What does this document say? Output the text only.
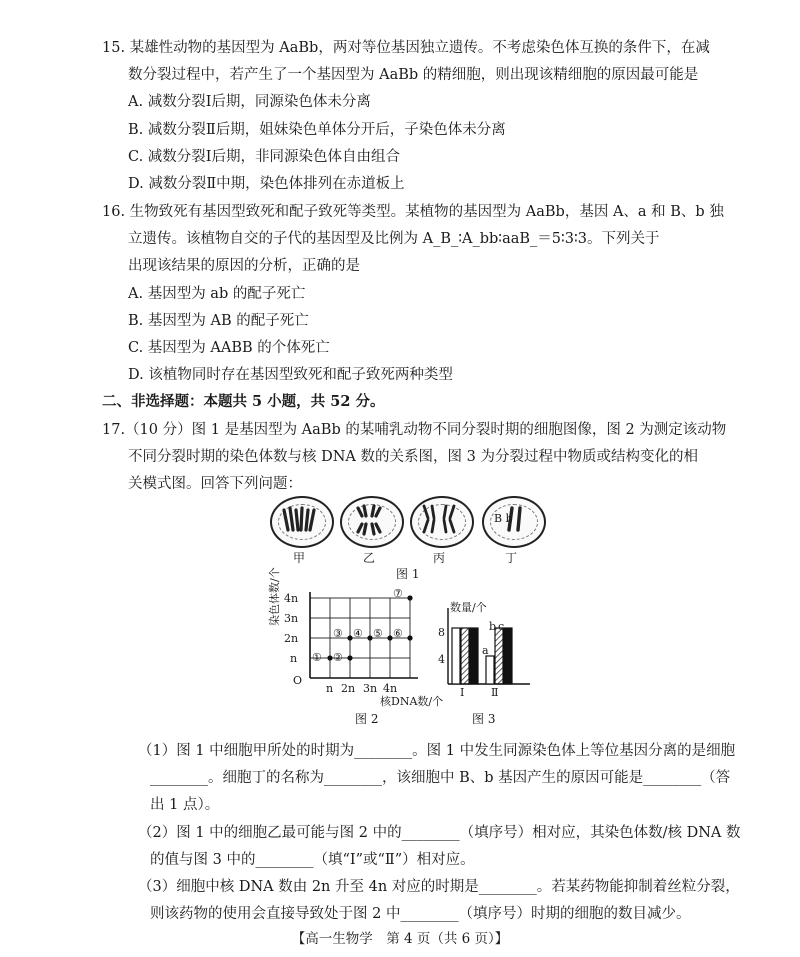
15. 某雄性动物的基因型为 AaBb，两对等位基因独立遗传。不考虑染色体互换的条件下，在减
数分裂过程中，若产生了一个基因型为 AaBb 的精细胞，则出现该精细胞的原因最可能是
A. 减数分裂Ⅰ后期，同源染色体未分离
B. 减数分裂Ⅱ后期，姐妹染色单体分开后，子染色体未分离
C. 减数分裂Ⅰ后期，非同源染色体自由组合
D. 减数分裂Ⅱ中期，染色体排列在赤道板上
16. 生物致死有基因型致死和配子致死等类型。某植物的基因型为 AaBb，基因 A、a 和 B、b 独
立遗传。该植物自交的子代的基因型及比例为 A_B_∶A_bb∶aaB_＝5∶3∶3。下列关于
出现该结果的原因的分析，正确的是
A. 基因型为 ab 的配子死亡
B. 基因型为 AB 的配子死亡
C. 基因型为 AABB 的个体死亡
D. 该植物同时存在基因型致死和配子致死两种类型
二、非选择题：本题共 5 小题，共 52 分。
17.（10 分）图 1 是基因型为 AaBb 的某哺乳动物不同分裂时期的细胞图像，图 2 为测定该动物
不同分裂时期的染色体数与核 DNA 数的关系图，图 3 为分裂过程中物质或结构变化的相
关模式图。回答下列问题：
B b
甲	乙	丙	丁
图 1
4n
3n
2n
n
O
n 2n 3n 4n
核DNA数/个
染色体数/个
① ②
③ ④ ⑤ ⑥
⑦
图 2
数量/个
8
4
Ⅰ Ⅱ
a
b c
图 3
（1）图 1 中细胞甲所处的时期为________。图 1 中发生同源染色体上等位基因分离的是细胞
________。细胞丁的名称为________，该细胞中 B、b 基因产生的原因可能是________（答
出 1 点）。
（2）图 1 中的细胞乙最可能与图 2 中的________（填序号）相对应，其染色体数/核 DNA 数
的值与图 3 中的________（填“Ⅰ”或“Ⅱ”）相对应。
（3）细胞中核 DNA 数由 2n 升至 4n 对应的时期是________。若某药物能抑制着丝粒分裂，
则该药物的使用会直接导致处于图 2 中________（填序号）时期的细胞的数目减少。
【高一生物学　第 4 页（共 6 页）】
